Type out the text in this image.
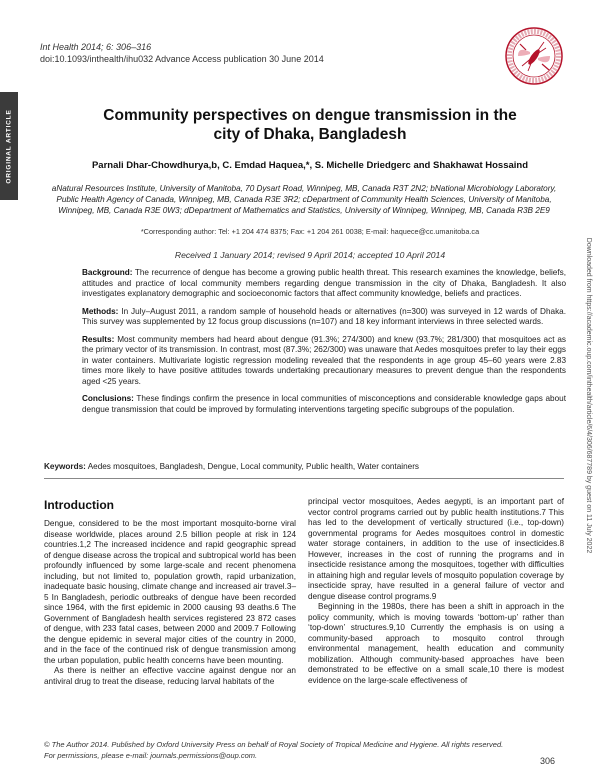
Int Health 2014; 6: 306–316
doi:10.1093/inthealth/ihu032 Advance Access publication 30 June 2014
ORIGINAL ARTICLE
Downloaded from https://academic.oup.com/inthealth/article/6/4/306/687789 by guest on 11 July 2022
Community perspectives on dengue transmission in the
city of Dhaka, Bangladesh
Parnali Dhar-Chowdhurya,b, C. Emdad Haquea,*, S. Michelle Driedgerc and Shakhawat Hossaind
aNatural Resources Institute, University of Manitoba, 70 Dysart Road, Winnipeg, MB, Canada R3T 2N2; bNational Microbiology Laboratory, Public Health Agency of Canada, Winnipeg, MB, Canada R3E 3R2; cDepartment of Community Health Sciences, University of Manitoba, Winnipeg, MB, Canada R3E 0W3; dDepartment of Mathematics and Statistics, University of Winnipeg, Winnipeg, MB, Canada R3B 2E9
*Corresponding author: Tel: +1 204 474 8375; Fax: +1 204 261 0038; E-mail: haquece@cc.umanitoba.ca
Received 1 January 2014; revised 9 April 2014; accepted 10 April 2014

Background: The recurrence of dengue has become a growing public health threat. This research examines the knowledge, beliefs, attitudes and practice of local community members regarding dengue transmission in the city of Dhaka, Bangladesh. It also investigates explanatory demographic and socioeconomic factors that affect community knowledge, beliefs and practices.

Methods: In July–August 2011, a random sample of household heads or alternatives (n=300) was surveyed in 12 wards of Dhaka. This survey was supplemented by 12 focus group discussions (n=107) and 18 key informant interviews in three selected wards.

Results: Most community members had heard about dengue (91.3%; 274/300) and knew (93.7%; 281/300) that mosquitoes act as the primary vector of its transmission. In contrast, most (87.3%; 262/300) was unaware that Aedes mosquitoes prefer to lay their eggs in water containers. Multivariate logistic regression modeling revealed that the respondents in age group 45–60 years were 2.83 times more likely to have positive attitudes towards undertaking precautionary measures to prevent dengue than the respondents aged <25 years.

Conclusions: These findings confirm the presence in local communities of misconceptions and considerable knowledge gaps about dengue transmission that could be improved by formulating interventions targeting specific subgroups of the population.

Keywords: Aedes mosquitoes, Bangladesh, Dengue, Local community, Public health, Water containers
Introduction

Dengue, considered to be the most important mosquito-borne viral disease worldwide, places around 2.5 billion people at risk in 124 countries.1,2 The increased incidence and rapid geographic spread of dengue disease across the tropical and subtropical world has been profoundly influenced by some large-scale and recent phenomena including, but not limited to, population growth, rapid urbanization, inadequate basic housing, climate change and increased air travel.3–5 In Bangladesh, periodic outbreaks of dengue have been recorded since 1964, with the first epidemic in 2000 causing 93 deaths.6 The Government of Bangladesh health services registered 23 872 cases of dengue, with 233 fatal cases, between 2000 and 2009.7 Following the dengue epidemic in several major cities of the country in 2000, and in the face of the continued risk of dengue transmission among the urban population, public health concerns have been mounting.

As there is neither an effective vaccine against dengue nor an antiviral drug to treat the disease, reducing larval habitats of the

principal vector mosquitoes, Aedes aegypti, is an important part of vector control programs carried out by public health institutions.7 This has led to the development of vertically structured (i.e., top-down) governmental programs for Aedes mosquitoes control in domestic water storage containers, in addition to the use of insecticides.8 However, increases in the cost of running the programs and in insecticide resistance among the mosquitoes, together with difficulties in attaining high and regular levels of mosquito population coverage by insecticide spray, have resulted in a general failure of vector and dengue disease control programs.9

Beginning in the 1980s, there has been a shift in approach in the policy community, which is moving towards ‘bottom-up’ rather than ‘top-down’ structures.9,10 Currently the emphasis is on using a community-based approach to mosquito control through environmental management, health education and community mobilization. Although community-based approaches have been demonstrated to be effective on a small scale,10 there is modest evidence on the large-scale effectiveness of

© The Author 2014. Published by Oxford University Press on behalf of Royal Society of Tropical Medicine and Hygiene. All rights reserved.
For permissions, please e-mail: journals.permissions@oup.com.
306
